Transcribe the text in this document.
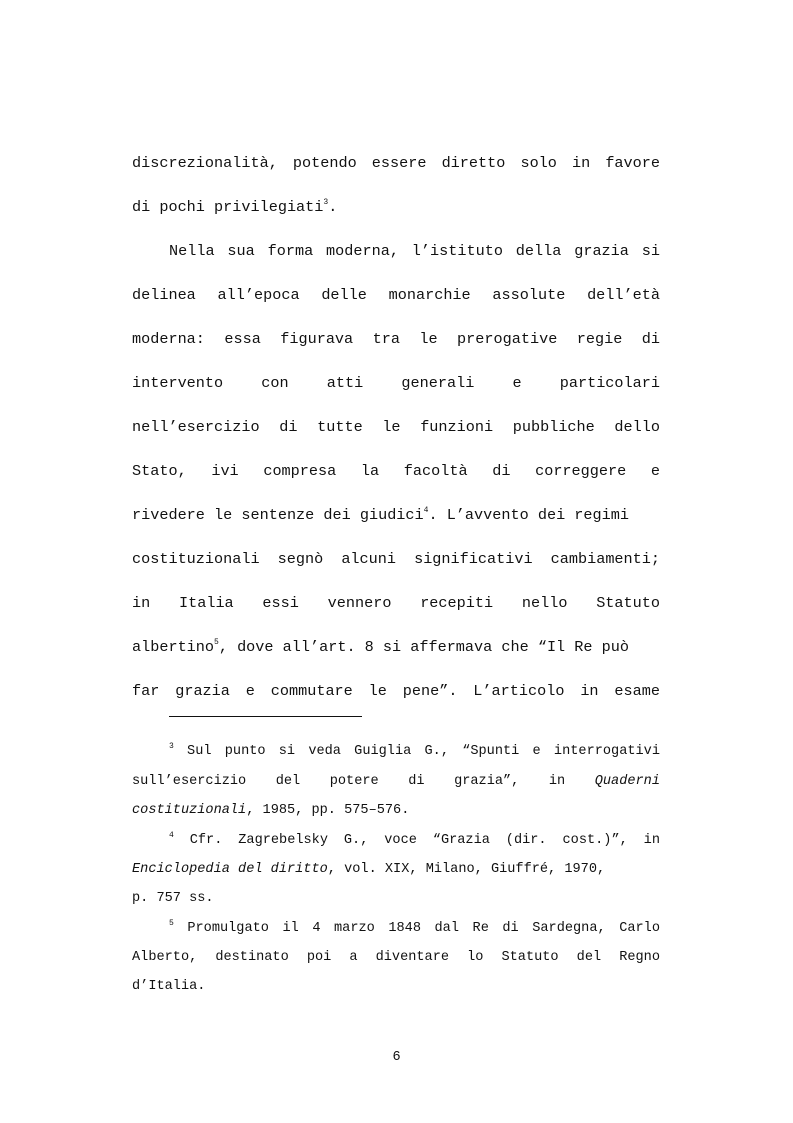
discrezionalità, potendo essere diretto solo in favore
di pochi privilegiati$^3$.
Nella sua forma moderna, l’istituto della grazia si
delinea all’epoca delle monarchie assolute dell’età
moderna: essa figurava tra le prerogative regie di
intervento con atti generali e particolari
nell’esercizio di tutte le funzioni pubbliche dello
Stato, ivi compresa la facoltà di correggere e
rivedere le sentenze dei giudici$^4$. L’avvento dei regimi
costituzionali segnò alcuni significativi cambiamenti;
in Italia essi vennero recepiti nello Statuto
albertino$^5$, dove all’art. 8 si affermava che “Il Re può
far grazia e commutare le pene”. L’articolo in esame
$^3$ Sul punto si veda Guiglia G., “Spunti e interrogativi
sull’esercizio del potere di grazia”, in Quaderni
costituzionali, 1985, pp. 575–576.
$^4$ Cfr. Zagrebelsky G., voce “Grazia (dir. cost.)”, in
Enciclopedia del diritto, vol. XIX, Milano, Giuffré, 1970,
p. 757 ss.
$^5$ Promulgato il 4 marzo 1848 dal Re di Sardegna, Carlo
Alberto, destinato poi a diventare lo Statuto del Regno
d’Italia.
6
